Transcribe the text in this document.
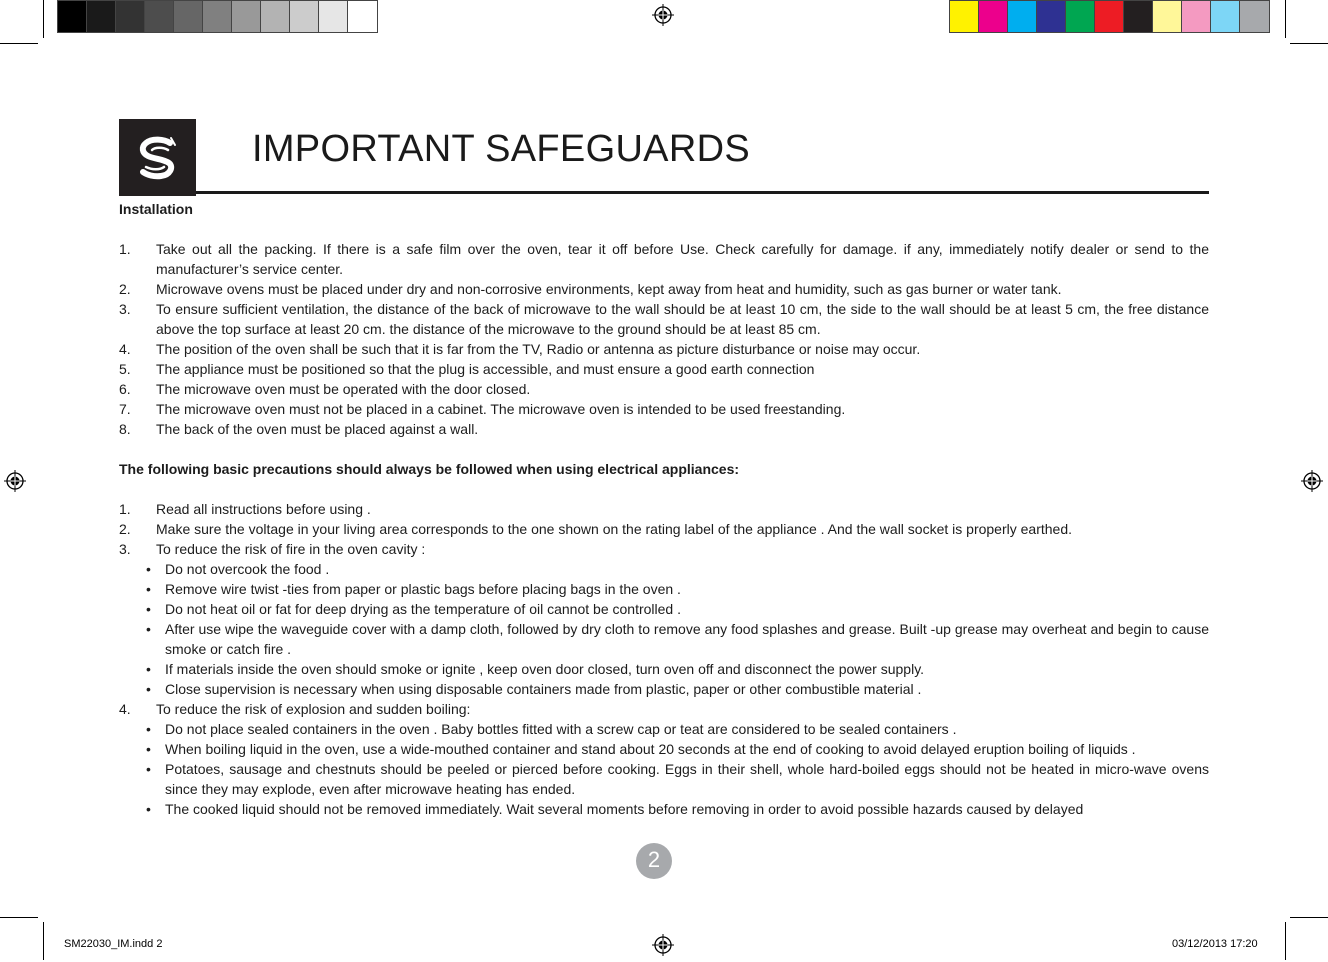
IMPORTANT SAFEGUARDS
Installation
1. Take out all the packing. If there is a safe film over the oven, tear it off before Use. Check carefully for damage. if any, immediately notify dealer or send to the manufacturer’s service center.
2. Microwave ovens must be placed under dry and non-corrosive environments, kept away from heat and humidity, such as gas burner or water tank.
3. To ensure sufficient ventilation, the distance of the back of microwave to the wall should be at least 10 cm, the side to the wall should be at least 5 cm, the free distance above the top surface at least 20 cm. the distance of the microwave to the ground should be at least 85 cm.
4. The position of the oven shall be such that it is far from the TV, Radio or antenna as picture disturbance or noise may occur.
5. The appliance must be positioned so that the plug is accessible, and must ensure a good earth connection
6. The microwave oven must be operated with the door closed.
7. The microwave oven must not be placed in a cabinet. The microwave oven is intended to be used freestanding.
8. The back of the oven must be placed against a wall.
The following basic precautions should always be followed when using electrical appliances:
1. Read all instructions before using .
2. Make sure the voltage in your living area corresponds to the one shown on the rating label of the appliance . And the wall socket is properly earthed.
3. To reduce the risk of fire in the oven cavity :
• Do not overcook the food .
• Remove wire twist -ties from paper or plastic bags before placing bags in the oven .
• Do not heat oil or fat for deep drying as the temperature of oil cannot be controlled .
• After use wipe the waveguide cover with a damp cloth, followed by dry cloth to remove any food splashes and grease. Built -up grease may overheat and begin to cause smoke or catch fire .
• If materials inside the oven should smoke or ignite , keep oven door closed, turn oven off and disconnect the power supply.
• Close supervision is necessary when using disposable containers made from plastic, paper or other combustible material .
4. To reduce the risk of explosion and sudden boiling:
• Do not place sealed containers in the oven . Baby bottles fitted with a screw cap or teat are considered to be sealed containers .
• When boiling liquid in the oven, use a wide-mouthed container and stand about 20 seconds at the end of cooking to avoid delayed eruption boiling of liquids .
• Potatoes, sausage and chestnuts should be peeled or pierced before cooking. Eggs in their shell, whole hard-boiled eggs should not be heated in micro-wave ovens since they may explode, even after microwave heating has ended.
• The cooked liquid should not be removed immediately. Wait several moments before removing in order to avoid possible hazards caused by delayed
2
SM22030_IM.indd 2	03/12/2013 17:20
